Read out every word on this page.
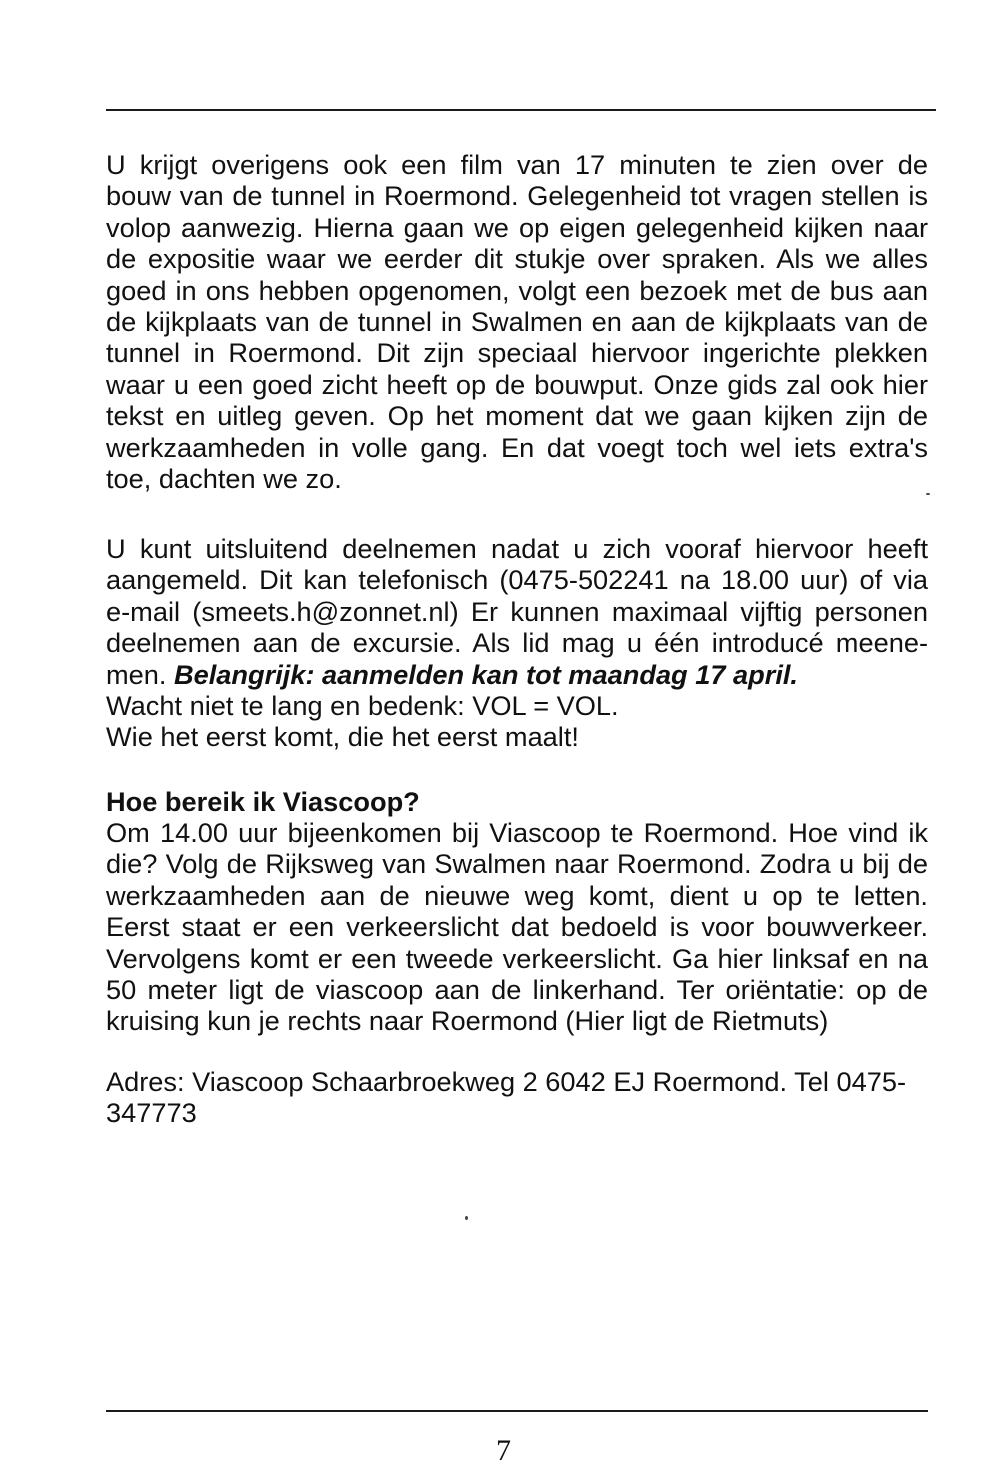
U krijgt overigens ook een film van 17 minuten te zien over de
bouw van de tunnel in Roermond. Gelegenheid tot vragen stellen is
volop aanwezig. Hierna gaan we op eigen gelegenheid kijken naar
de expositie waar we eerder dit stukje over spraken. Als we alles
goed in ons hebben opgenomen, volgt een bezoek met de bus aan
de kijkplaats van de tunnel in Swalmen en aan de kijkplaats van de
tunnel in Roermond. Dit zijn speciaal hiervoor ingerichte plekken
waar u een goed zicht heeft op de bouwput. Onze gids zal ook hier
tekst en uitleg geven. Op het moment dat we gaan kijken zijn de
werkzaamheden in volle gang. En dat voegt toch wel iets extra's
toe, dachten we zo.
U kunt uitsluitend deelnemen nadat u zich vooraf hiervoor heeft
aangemeld. Dit kan telefonisch (0475-502241 na 18.00 uur) of via
e-mail (smeets.h@zonnet.nl) Er kunnen maximaal vijftig personen
deelnemen aan de excursie. Als lid mag u één introducé meene-
men. Belangrijk: aanmelden kan tot maandag 17 april.
Wacht niet te lang en bedenk: VOL = VOL.
Wie het eerst komt, die het eerst maalt!
Hoe bereik ik Viascoop?
Om 14.00 uur bijeenkomen bij Viascoop te Roermond. Hoe vind ik
die? Volg de Rijksweg van Swalmen naar Roermond. Zodra u bij de
werkzaamheden aan de nieuwe weg komt, dient u op te letten.
Eerst staat er een verkeerslicht dat bedoeld is voor bouwverkeer.
Vervolgens komt er een tweede verkeerslicht. Ga hier linksaf en na
50 meter ligt de viascoop aan de linkerhand. Ter oriëntatie: op de
kruising kun je rechts naar Roermond (Hier ligt de Rietmuts)
Adres: Viascoop Schaarbroekweg 2 6042 EJ Roermond. Tel 0475-
347773
7
